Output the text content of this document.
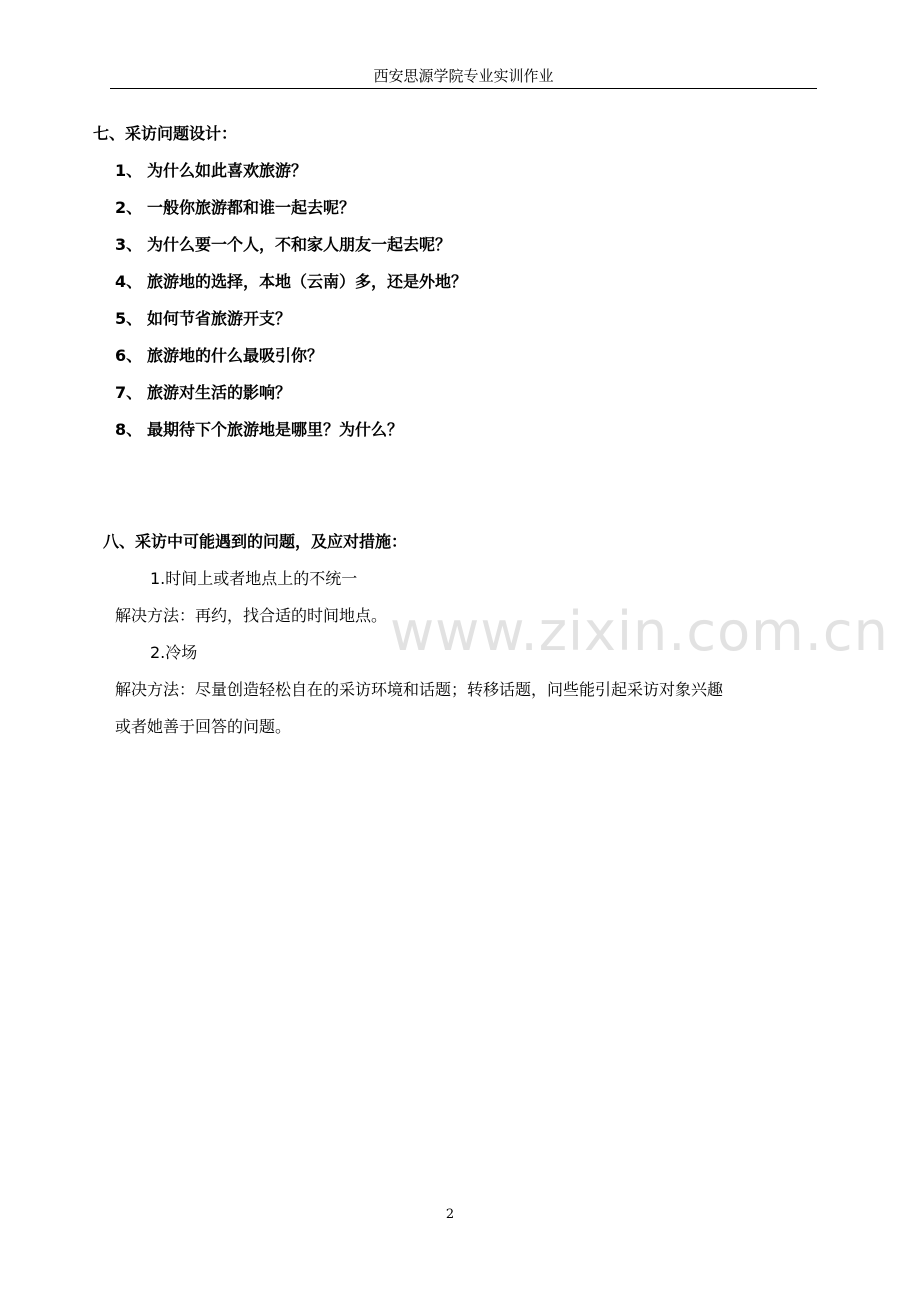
西安思源学院专业实训作业
七、采访问题设计：
1、 为什么如此喜欢旅游？
2、 一般你旅游都和谁一起去呢？
3、 为什么要一个人，不和家人朋友一起去呢？
4、 旅游地的选择，本地（云南）多，还是外地？
5、 如何节省旅游开支？
6、 旅游地的什么最吸引你？
7、 旅游对生活的影响？
8、 最期待下个旅游地是哪里？为什么？
八、采访中可能遇到的问题，及应对措施：
1.时间上或者地点上的不统一
解决方法：再约，找合适的时间地点。
2.冷场
解决方法：尽量创造轻松自在的采访环境和话题；转移话题，问些能引起采访对象兴趣
或者她善于回答的问题。
www.zixin.com.cn
2
